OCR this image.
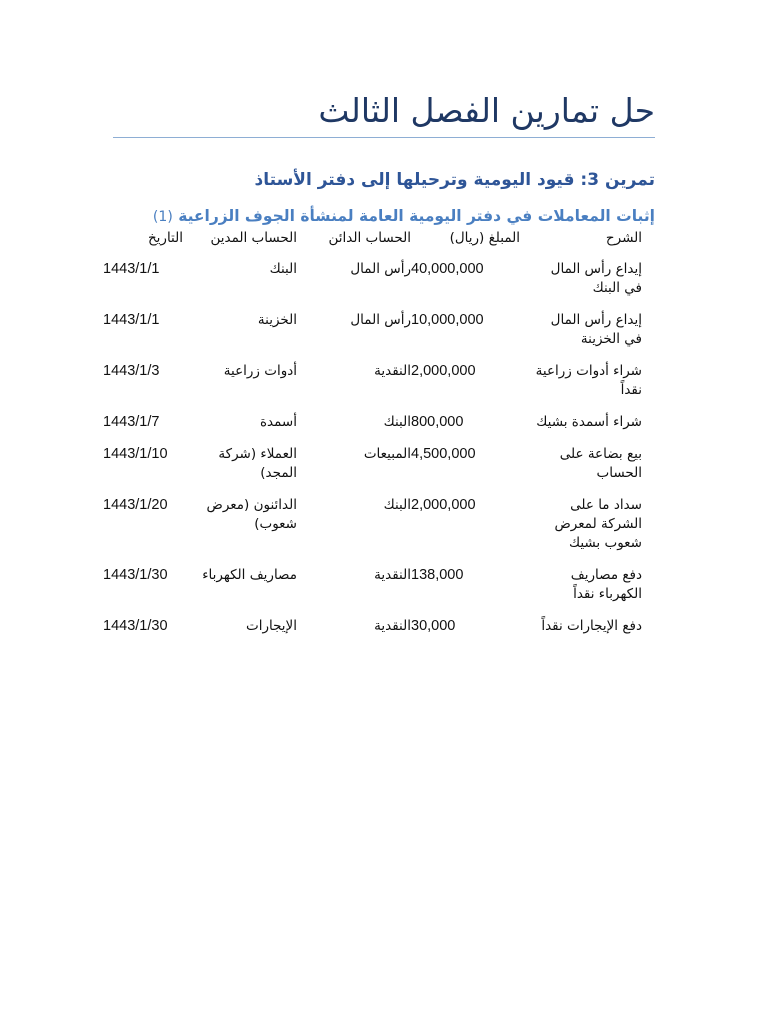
حل تمارين الفصل الثالث
تمرين 3: قيود اليومية وترحيلها إلى دفتر الأستاذ
إثبات المعاملات في دفتر اليومية العامة لمنشأة الجوف الزراعية (1)
الشرح	المبلغ (ريال)	الحساب الدائن	الحساب المدين	التاريخ
إيداع رأس المال في البنك	40,000,000	رأس المال	البنك	1443/1/1
إيداع رأس المال في الخزينة	10,000,000	رأس المال	الخزينة	1443/1/1
شراء أدوات زراعية نقداً	2,000,000	النقدية	أدوات زراعية	1443/1/3
شراء أسمدة بشيك	800,000	البنك	أسمدة	1443/1/7
بيع بضاعة على الحساب	4,500,000	المبيعات	العملاء (شركة المجد)	1443/1/10
سداد ما على الشركة لمعرض شعوب بشيك	2,000,000	البنك	الدائنون (معرض شعوب)	1443/1/20
دفع مصاريف الكهرباء نقداً	138,000	النقدية	مصاريف الكهرباء	1443/1/30
دفع الإيجارات نقداً	30,000	النقدية	الإيجارات	1443/1/30
